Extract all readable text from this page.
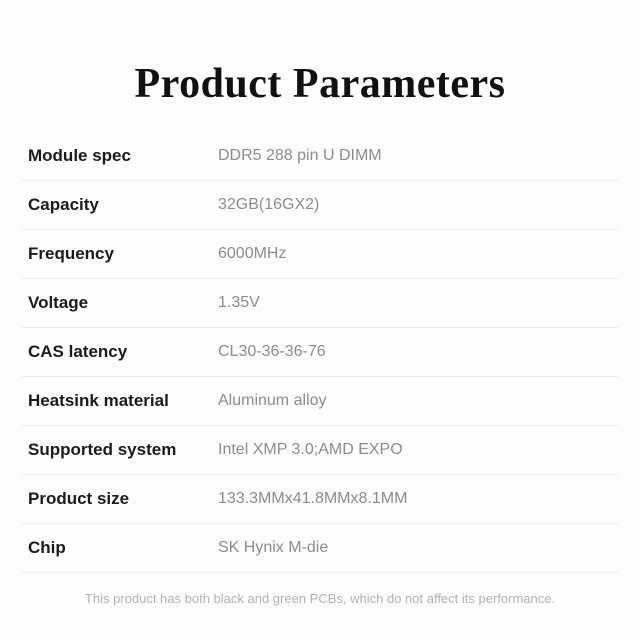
Product Parameters
Module spec	DDR5 288 pin U DIMM
Capacity	32GB(16GX2)
Frequency	6000MHz
Voltage	1.35V
CAS latency	CL30-36-36-76
Heatsink material	Aluminum alloy
Supported system	Intel XMP 3.0;AMD EXPO
Product size	133.3MMx41.8MMx8.1MM
Chip	SK Hynix M-die
This product has both black and green PCBs, which do not affect its performance.
